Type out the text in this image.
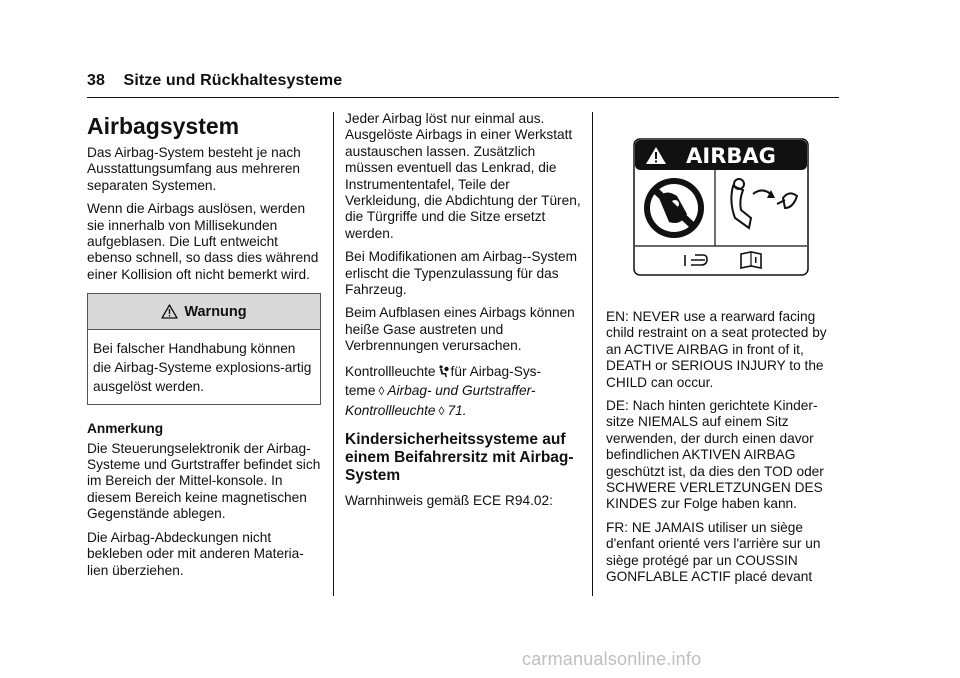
38 Sitze und Rückhaltesysteme
Airbagsystem

Das Airbag-System besteht je nach Ausstattungsumfang aus mehreren separaten Systemen.

Wenn die Airbags auslösen, werden sie innerhalb von Millisekunden aufgeblasen. Die Luft entweicht ebenso schnell, so dass dies während einer Kollision oft nicht bemerkt wird.

Warnung
Bei falscher Handhabung können die Airbag-Systeme explosions-artig ausgelöst werden.

Anmerkung

Die Steuerungselektronik der Airbag-Systeme und Gurtstraffer befindet sich im Bereich der Mittel-konsole. In diesem Bereich keine magnetischen Gegenstände ablegen.

Die Airbag-Abdeckungen nicht bekleben oder mit anderen Materia-lien überziehen.

Jeder Airbag löst nur einmal aus. Ausgelöste Airbags in einer Werkstatt austauschen lassen. Zusätzlich müssen eventuell das Lenkrad, die Instrumententafel, Teile der Verkleidung, die Abdichtung der Türen, die Türgriffe und die Sitze ersetzt werden.

Bei Modifikationen am Airbag--System erlischt die Typenzulassung für das Fahrzeug.

Beim Aufblasen eines Airbags können heiße Gase austreten und Verbrennungen verursachen.

Kontrollleuchte für Airbag-Sys-
teme ◊ Airbag- und Gurtstraffer-Kontrollleuchte ◊ 71.

Kindersicherheitssysteme auf einem Beifahrersitz mit Airbag-System

Warnhinweis gemäß ECE R94.02:

AIRBAG

EN: NEVER use a rearward facing child restraint on a seat protected by an ACTIVE AIRBAG in front of it, DEATH or SERIOUS INJURY to the CHILD can occur.

DE: Nach hinten gerichtete Kinder-sitze NIEMALS auf einem Sitz verwenden, der durch einen davor befindlichen AKTIVEN AIRBAG geschützt ist, da dies den TOD oder SCHWERE VERLETZUNGEN DES KINDES zur Folge haben kann.

FR: NE JAMAIS utiliser un siège d'enfant orienté vers l'arrière sur un siège protégé par un COUSSIN GONFLABLE ACTIF placé devant

carmanualsonline.info
